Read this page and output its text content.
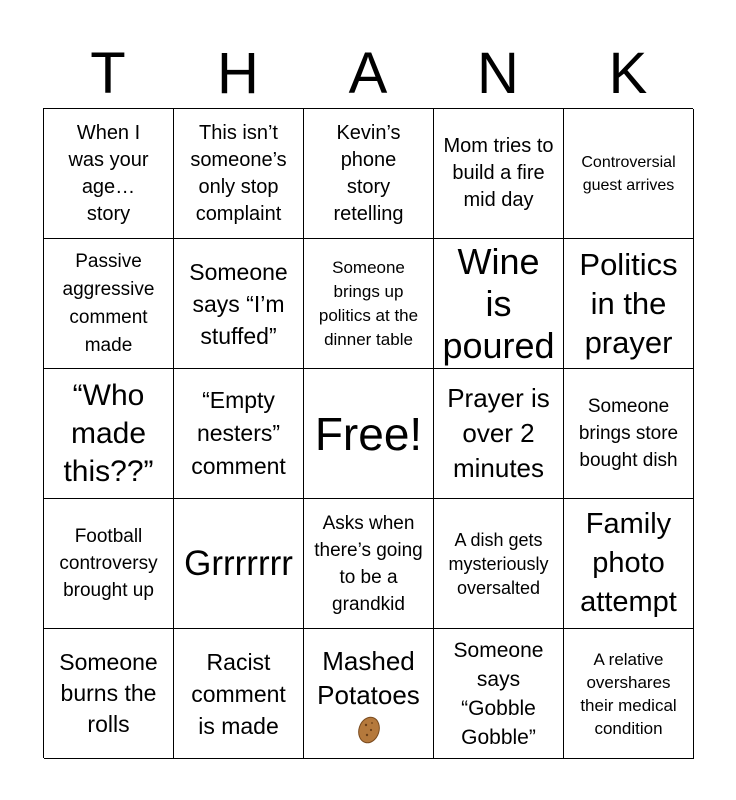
T	H	A	N	K
When I was your age… story
This isn’t someone’s only stop complaint
Kevin’s phone story retelling
Mom tries to build a fire mid day
Controversial guest arrives
Passive aggressive comment made
Someone says “I’m stuffed”
Someone brings up politics at the dinner table
Wine is poured
Politics in the prayer
“Who made this??”
“Empty nesters” comment
Free!
Prayer is over 2 minutes
Someone brings store bought dish
Football controversy brought up
Grrrrrrr
Asks when there’s going to be a grandkid
A dish gets mysteriously oversalted
Family photo attempt
Someone burns the rolls
Racist comment is made
Mashed Potatoes
Someone says “Gobble Gobble”
A relative overshares their medical condition
